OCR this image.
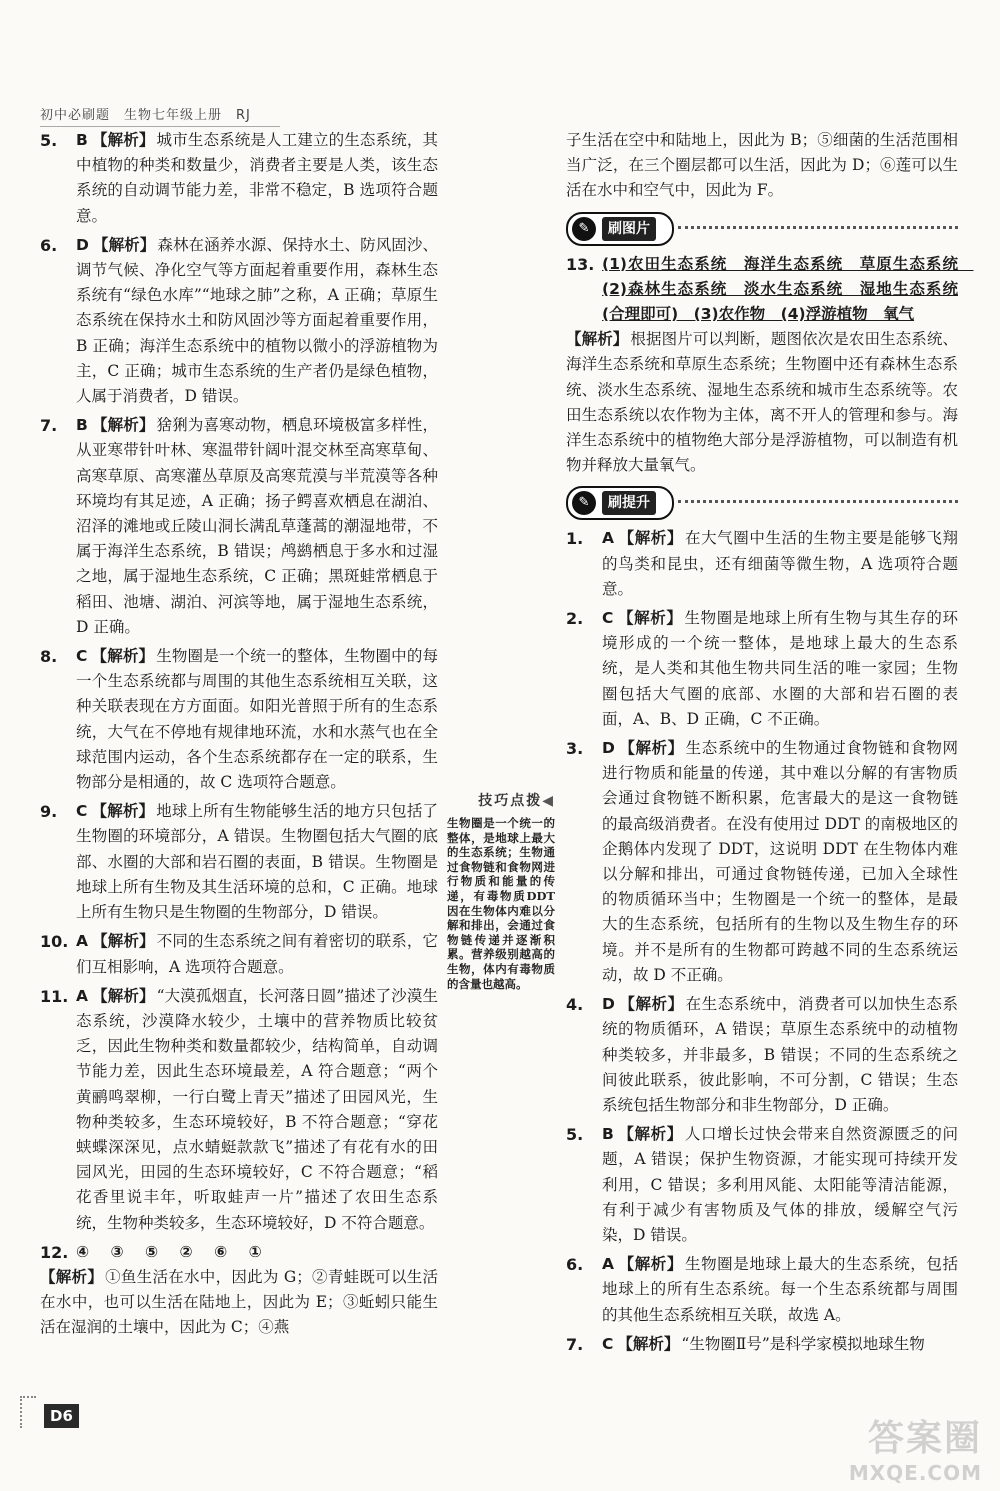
初中必刷题　生物七年级上册　RJ
5. B 【解析】 城市生态系统是人工建立的生态系统，其中植物的种类和数量少，消费者主要是人类，该生态系统的自动调节能力差，非常不稳定，B 选项符合题意。
6. D 【解析】 森林在涵养水源、保持水土、防风固沙、调节气候、净化空气等方面起着重要作用，森林生态系统有“绿色水库”“地球之肺”之称，A 正确；草原生态系统在保持水土和防风固沙等方面起着重要作用，B 正确；海洋生态系统中的植物以微小的浮游植物为主，C 正确；城市生态系统的生产者仍是绿色植物，人属于消费者，D 错误。
7. B 【解析】 猞猁为喜寒动物，栖息环境极富多样性，从亚寒带针叶林、寒温带针阔叶混交林至高寒草甸、高寒草原、高寒灌丛草原及高寒荒漠与半荒漠等各种环境均有其足迹，A 正确；扬子鳄喜欢栖息在湖泊、沼泽的滩地或丘陵山洞长满乱草蓬蒿的潮湿地带，不属于海洋生态系统，B 错误；鸬鹚栖息于多水和过湿之地，属于湿地生态系统，C 正确；黑斑蛙常栖息于稻田、池塘、湖泊、河滨等地，属于湿地生态系统，D 正确。
8. C 【解析】 生物圈是一个统一的整体，生物圈中的每一个生态系统都与周围的其他生态系统相互关联，这种关联表现在方方面面。如阳光普照于所有的生态系统，大气在不停地有规律地环流，水和水蒸气也在全球范围内运动，各个生态系统都存在一定的联系，生物部分是相通的，故 C 选项符合题意。
9. C 【解析】 地球上所有生物能够生活的地方只包括了生物圈的环境部分，A 错误。生物圈包括大气圈的底部、水圈的大部和岩石圈的表面，B 错误。生物圈是地球上所有生物及其生活环境的总和，C 正确。地球上所有生物只是生物圈的生物部分，D 错误。
10. A 【解析】 不同的生态系统之间有着密切的联系，它们互相影响，A 选项符合题意。
11. A 【解析】 “大漠孤烟直，长河落日圆”描述了沙漠生态系统，沙漠降水较少，土壤中的营养物质比较贫乏，因此生物种类和数量都较少，结构简单，自动调节能力差，因此生态环境最差，A 符合题意；“两个黄鹂鸣翠柳，一行白鹭上青天”描述了田园风光，生物种类较多，生态环境较好，B 不符合题意；“穿花蛱蝶深深见，点水蜻蜓款款飞”描述了有花有水的田园风光，田园的生态环境较好，C 不符合题意；“稻花香里说丰年，听取蛙声一片”描述了农田生态系统，生物种类较多，生态环境较好，D 不符合题意。
12. ④ ③ ⑤ ② ⑥ ①
【解析】 ①鱼生活在水中，因此为 G；②青蛙既可以生活在水中，也可以生活在陆地上，因此为 E；③蚯蚓只能生活在湿润的土壤中，因此为 C；④燕
技巧点拨◀
生物圈是一个统一的整体，是地球上最大的生态系统；生物通过食物链和食物网进行物质和能量的传递，有毒物质DDT因在生物体内难以分解和排出，会通过食物链传递并逐渐积累。营养级别越高的生物，体内有毒物质的含量也越高。
子生活在空中和陆地上，因此为 B；⑤细菌的生活范围相当广泛，在三个圈层都可以生活，因此为 D；⑥莲可以生活在水中和空气中，因此为 F。
✎	刷图片
13. (1)农田生态系统　海洋生态系统　草原生态系统　(2)森林生态系统　淡水生态系统　湿地生态系统(合理即可)　(3)农作物　(4)浮游植物　氧气
【解析】 根据图片可以判断，题图依次是农田生态系统、海洋生态系统和草原生态系统；生物圈中还有森林生态系统、淡水生态系统、湿地生态系统和城市生态系统等。农田生态系统以农作物为主体，离不开人的管理和参与。海洋生态系统中的植物绝大部分是浮游植物，可以制造有机物并释放大量氧气。
✎	刷提升
1. A 【解析】 在大气圈中生活的生物主要是能够飞翔的鸟类和昆虫，还有细菌等微生物，A 选项符合题意。
2. C 【解析】 生物圈是地球上所有生物与其生存的环境形成的一个统一整体，是地球上最大的生态系统，是人类和其他生物共同生活的唯一家园；生物圈包括大气圈的底部、水圈的大部和岩石圈的表面，A、B、D 正确，C 不正确。
3. D 【解析】 生态系统中的生物通过食物链和食物网进行物质和能量的传递，其中难以分解的有害物质会通过食物链不断积累，危害最大的是这一食物链的最高级消费者。在没有使用过 DDT 的南极地区的企鹅体内发现了 DDT，这说明 DDT 在生物体内难以分解和排出，可通过食物链传递，已加入全球性的物质循环当中；生物圈是一个统一的整体，是最大的生态系统，包括所有的生物以及生物生存的环境。并不是所有的生物都可跨越不同的生态系统运动，故 D 不正确。
4. D 【解析】 在生态系统中，消费者可以加快生态系统的物质循环，A 错误；草原生态系统中的动植物种类较多，并非最多，B 错误；不同的生态系统之间彼此联系，彼此影响，不可分割，C 错误；生态系统包括生物部分和非生物部分，D 正确。
5. B 【解析】 人口增长过快会带来自然资源匮乏的问题，A 错误；保护生物资源，才能实现可持续开发利用，C 错误；多利用风能、太阳能等清洁能源，有利于减少有害物质及气体的排放，缓解空气污染，D 错误。
6. A 【解析】 生物圈是地球上最大的生态系统，包括地球上的所有生态系统。每一个生态系统都与周围的其他生态系统相互关联，故选 A。
7. C 【解析】 “生物圈Ⅱ号”是科学家模拟地球生物
D6
答案圈
MXQE.COM
